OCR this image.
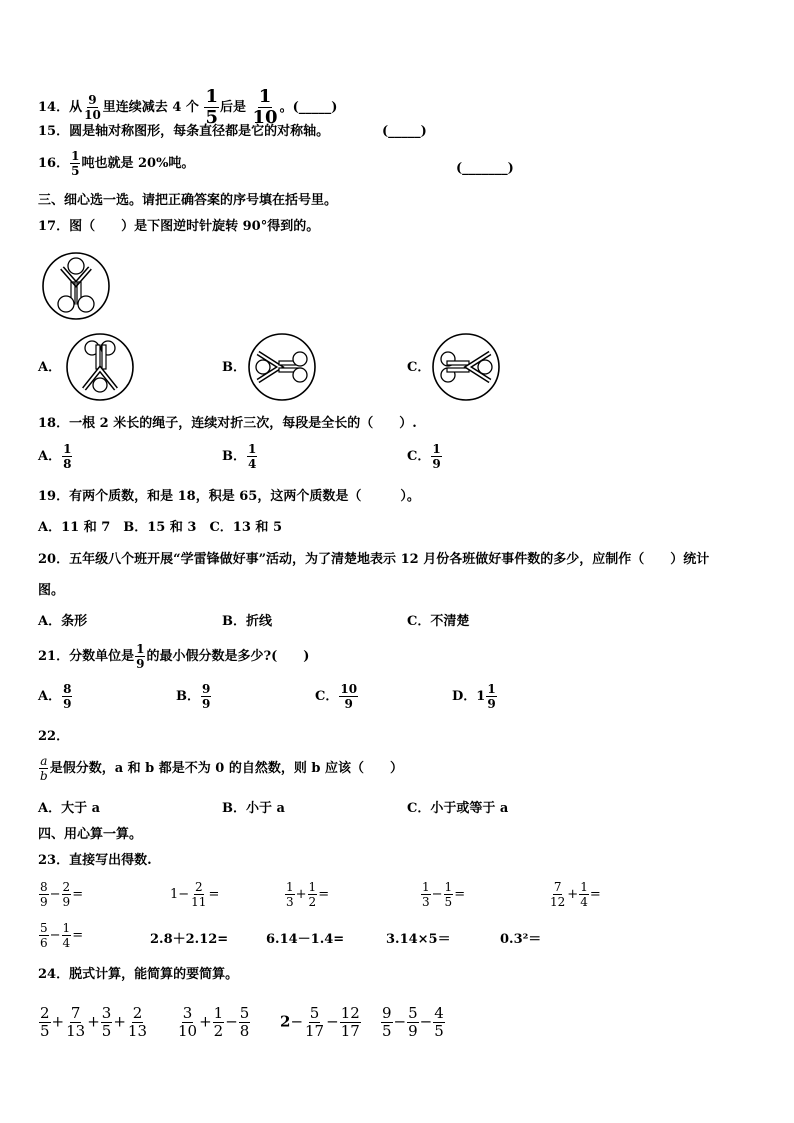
14．从 $\frac{9}{10}$ 里连续减去 4 个 $\frac{1}{5}$ 后是 $\frac{1}{10}$ 。(_____)
15．圆是轴对称图形，每条直径都是它的对称轴。	(_____)
16． $\frac{1}{5}$ 吨也就是 20%吨。	(_______)
三、细心选一选。请把正确答案的序号填在括号里。
17．图（　　）是下图逆时针旋转 90°得到的。
A．	B．	C．
18．一根 2 米长的绳子，连续对折三次，每段是全长的（　　）.
A． $\frac{1}{8}$	B． $\frac{1}{4}$	C． $\frac{1}{9}$
19．有两个质数，和是 18，积是 65，这两个质数是（　　　）。
A．11 和 7　B．15 和 3　C．13 和 5
20．五年级八个班开展“学雷锋做好事”活动，为了清楚地表示 12 月份各班做好事件数的多少，应制作（　　）统计
图。
A．条形	B．折线	C．不清楚
21．分数单位是 $\frac{1}{9}$ 的最小假分数是多少?(　　)
A． $\frac{8}{9}$	B． $\frac{9}{9}$	C． $\frac{10}{9}$	D．$1 \frac{1}{9}$
22．
$\frac{a}{b}$ 是假分数，a 和 b 都是不为 0 的自然数，则 b 应该（　　）
A．大于 a	B．小于 a	C．小于或等于 a
四、用心算一算。
23．直接写出得数.
$\frac{8}{9} - \frac{2}{9}$ =	$1- \frac{2}{11}$ =	$\frac{1}{3} + \frac{1}{2}$ =	$\frac{1}{3} - \frac{1}{5}$ =	$\frac{7}{12} + \frac{1}{4}$ =
$\frac{5}{6} - \frac{1}{4}$ =	2.8＋2.12=	6.14－1.4=	3.14×5＝	0.3²＝
24．脱式计算，能简算的要简算。
$\frac{2}{5} + \frac{7}{13} + \frac{3}{5} + \frac{2}{13} \frac{3}{10} + \frac{1}{2} - \frac{5}{8} 2- \frac{5}{17} - \frac{12}{17} \frac{9}{5} - \frac{5}{9} - \frac{4}{5}$
